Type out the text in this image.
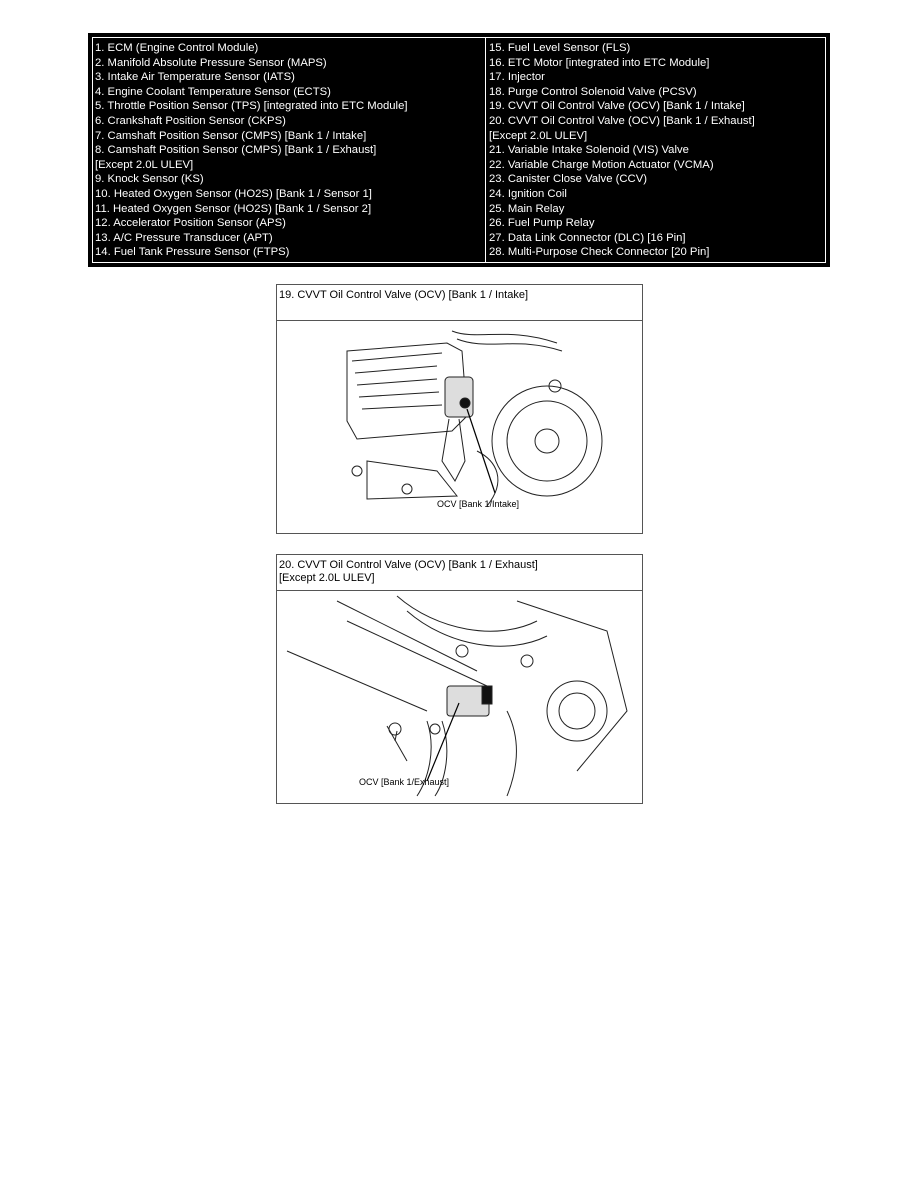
1. ECM (Engine Control Module)
2. Manifold Absolute Pressure Sensor (MAPS)
3. Intake Air Temperature Sensor (IATS)
4. Engine Coolant Temperature Sensor (ECTS)
5. Throttle Position Sensor (TPS) [integrated into ETC Module]
6. Crankshaft Position Sensor (CKPS)
7. Camshaft Position Sensor (CMPS) [Bank 1 / Intake]
8. Camshaft Position Sensor (CMPS) [Bank 1 / Exhaust]
[Except 2.0L ULEV]
9. Knock Sensor (KS)
10. Heated Oxygen Sensor (HO2S) [Bank 1 / Sensor 1]
11. Heated Oxygen Sensor (HO2S) [Bank 1 / Sensor 2]
12. Accelerator Position Sensor (APS)
13. A/C Pressure Transducer (APT)
14. Fuel Tank Pressure Sensor (FTPS)
15. Fuel Level Sensor (FLS)
16. ETC Motor [integrated into ETC Module]
17. Injector
18. Purge Control Solenoid Valve (PCSV)
19. CVVT Oil Control Valve (OCV) [Bank 1 / Intake]
20. CVVT Oil Control Valve (OCV) [Bank 1 / Exhaust]
[Except 2.0L ULEV]
21. Variable Intake Solenoid (VIS) Valve
22. Variable Charge Motion Actuator (VCMA)
23. Canister Close Valve (CCV)
24. Ignition Coil
25. Main Relay
26. Fuel Pump Relay
27. Data Link Connector (DLC) [16 Pin]
28. Multi-Purpose Check Connector [20 Pin]
19. CVVT Oil Control Valve (OCV) [Bank 1 / Intake]
OCV [Bank 1/Intake]
20. CVVT Oil Control Valve (OCV) [Bank 1 / Exhaust]
[Except 2.0L ULEV]
OCV [Bank 1/Exhaust]
